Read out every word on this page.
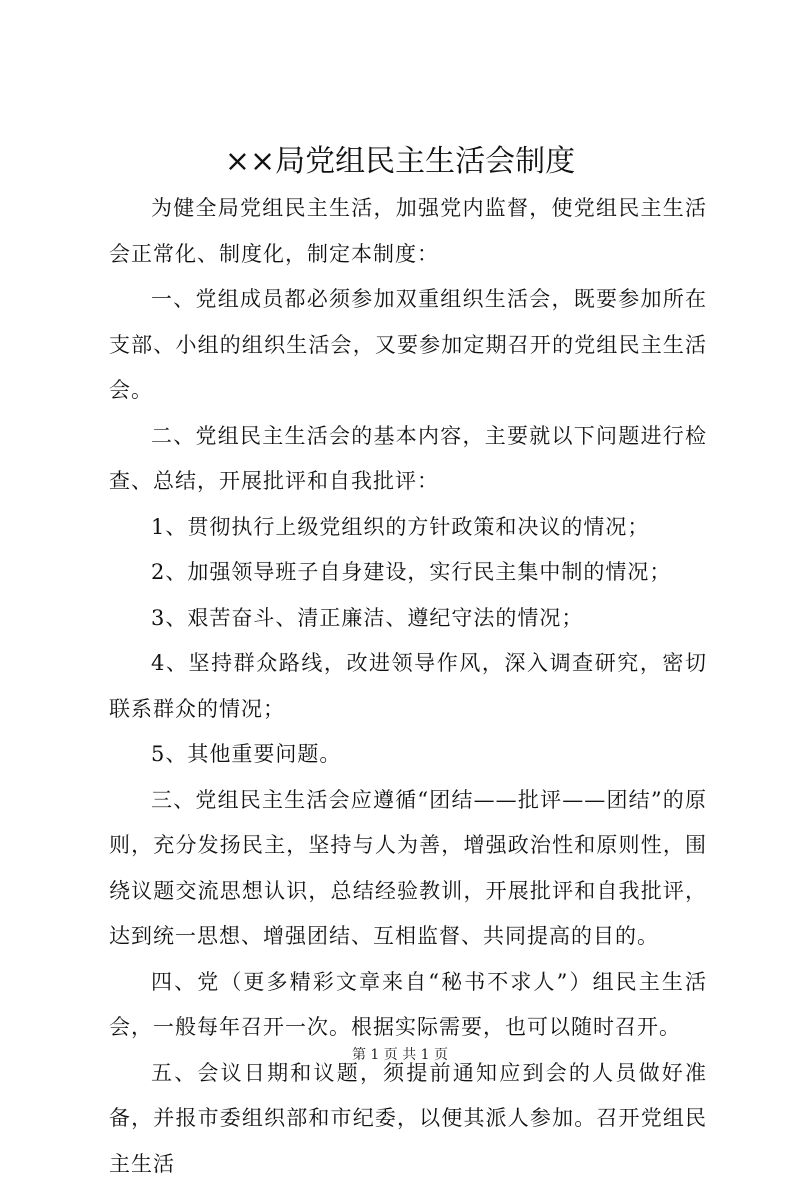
××局党组民主生活会制度

为健全局党组民主生活，加强党内监督，使党组民主生活会正常化、制度化，制定本制度：

一、党组成员都必须参加双重组织生活会，既要参加所在支部、小组的组织生活会，又要参加定期召开的党组民主生活会。

二、党组民主生活会的基本内容，主要就以下问题进行检查、总结，开展批评和自我批评：

1、贯彻执行上级党组织的方针政策和决议的情况；

2、加强领导班子自身建设，实行民主集中制的情况；

3、艰苦奋斗、清正廉洁、遵纪守法的情况；

4、坚持群众路线，改进领导作风，深入调查研究，密切联系群众的情况；

5、其他重要问题。

三、党组民主生活会应遵循“团结——批评——团结”的原则，充分发扬民主，坚持与人为善，增强政治性和原则性，围绕议题交流思想认识，总结经验教训，开展批评和自我批评，达到统一思想、增强团结、互相监督、共同提高的目的。

四、党（更多精彩文章来自“秘书不求人”）组民主生活会，一般每年召开一次。根据实际需要，也可以随时召开。

五、会议日期和议题，须提前通知应到会的人员做好准备，并报市委组织部和市纪委，以便其派人参加。召开党组民主生活

第 1 页 共 1 页
